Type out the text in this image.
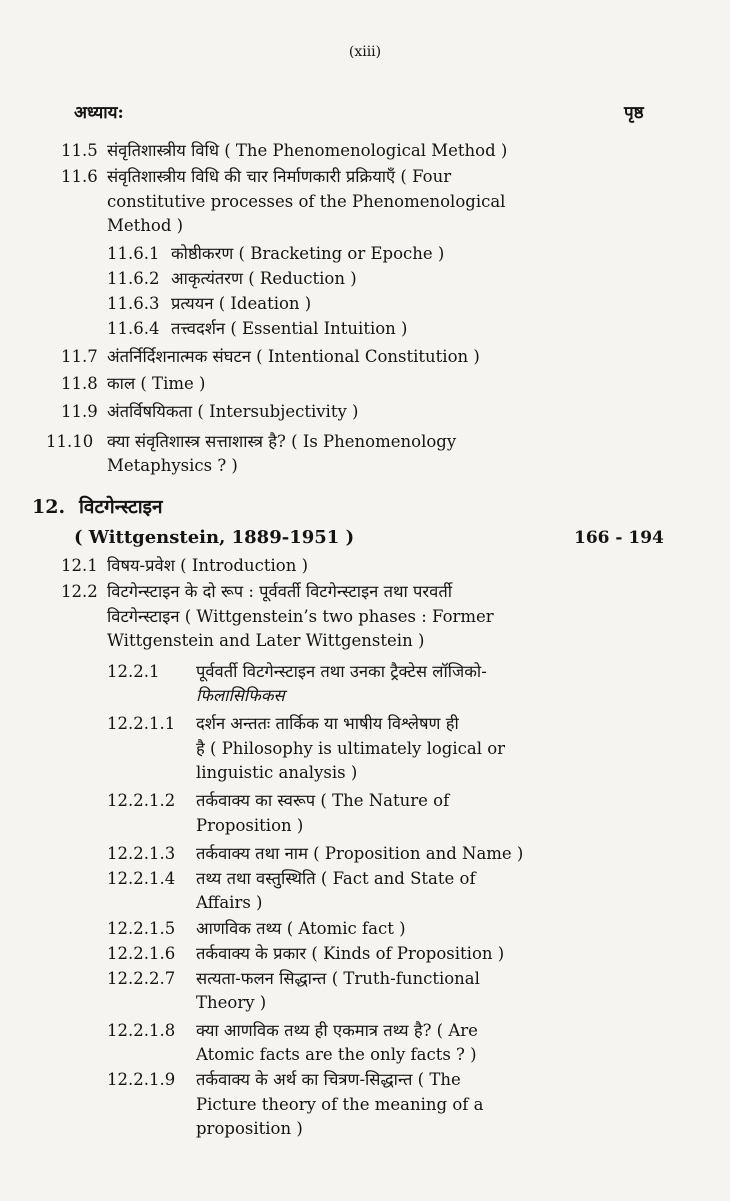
(xiii)
अध्याय:	पृष्ठ
11.5 संवृतिशास्त्रीय विधि ( The Phenomenological Method )
11.6 संवृतिशास्त्रीय विधि की चार निर्माणकारी प्रक्रियाएँ ( Four
constitutive processes of the Phenomenological
Method )
11.6.1 कोष्ठीकरण ( Bracketing or Epoche )
11.6.2 आकृत्यंतरण ( Reduction )
11.6.3 प्रत्ययन ( Ideation )
11.6.4 तत्त्वदर्शन ( Essential Intuition )
11.7 अंतर्निर्दिशनात्मक संघटन ( Intentional Constitution )
11.8 काल ( Time )
11.9 अंतर्विषयिकता ( Intersubjectivity )
11.10 क्या संवृतिशास्त्र सत्ताशास्त्र है? ( Is Phenomenology
Metaphysics ? )
12. विटगेन्स्टाइन
( Wittgenstein, 1889-1951 )	166 - 194
12.1 विषय-प्रवेश ( Introduction )
12.2 विटगेन्स्टाइन के दो रूप : पूर्ववर्ती विटगेन्स्टाइन तथा परवर्ती
विटगेन्स्टाइन ( Wittgenstein’s two phases : Former
Wittgenstein and Later Wittgenstein )
12.2.1 पूर्ववर्ती विटगेन्स्टाइन तथा उनका ट्रैक्टेस लॉजिको-
फिलासिफिकस
12.2.1.1 दर्शन अन्ततः तार्किक या भाषीय विश्लेषण ही
है ( Philosophy is ultimately logical or
linguistic analysis )
12.2.1.2 तर्कवाक्य का स्वरूप ( The Nature of
Proposition )
12.2.1.3 तर्कवाक्य तथा नाम ( Proposition and Name )
12.2.1.4 तथ्य तथा वस्तुस्थिति ( Fact and State of
Affairs )
12.2.1.5 आणविक तथ्य ( Atomic fact )
12.2.1.6 तर्कवाक्य के प्रकार ( Kinds of Proposition )
12.2.2.7 सत्यता-फलन सिद्धान्त ( Truth-functional
Theory )
12.2.1.8 क्या आणविक तथ्य ही एकमात्र तथ्य है? ( Are
Atomic facts are the only facts ? )
12.2.1.9 तर्कवाक्य के अर्थ का चित्रण-सिद्धान्त ( The
Picture theory of the meaning of a
proposition )
